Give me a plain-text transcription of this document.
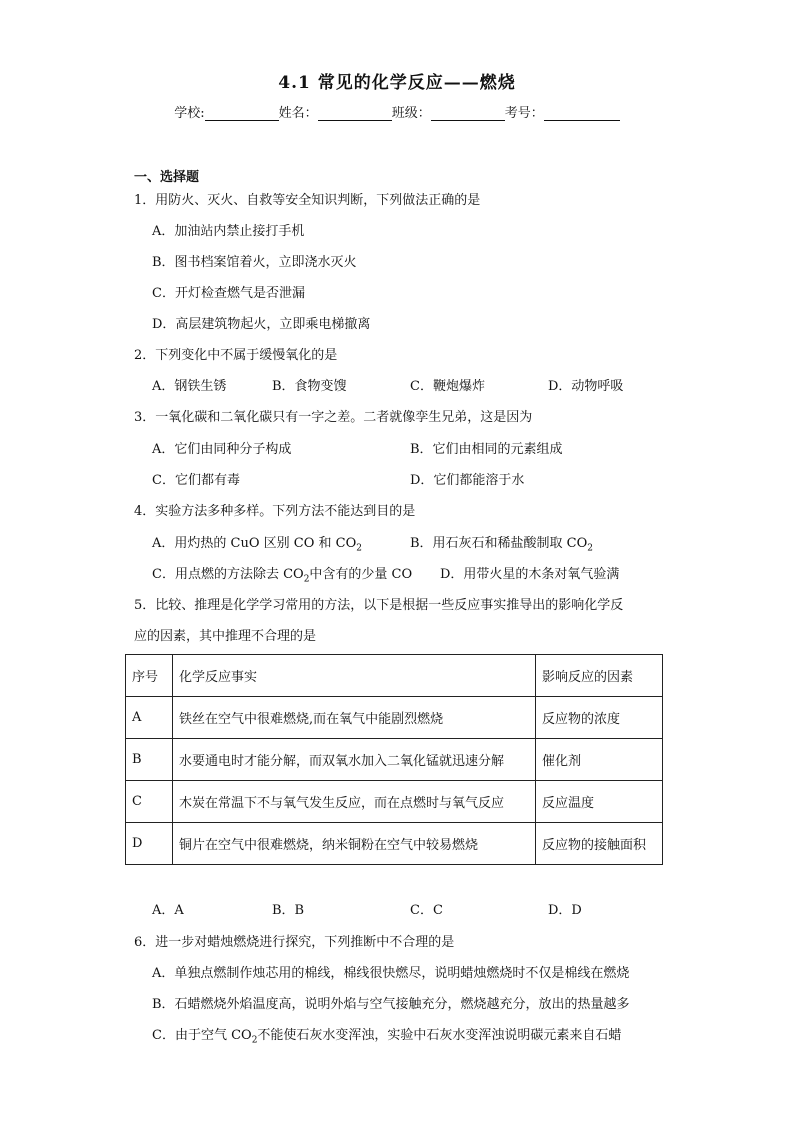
4.1 常见的化学反应——燃烧
学校:	姓名：	班级：	考号：
一、选择题
1．用防火、灭火、自救等安全知识判断，下列做法正确的是
A．加油站内禁止接打手机
B．图书档案馆着火，立即浇水灭火
C．开灯检查燃气是否泄漏
D．高层建筑物起火，立即乘电梯撤离
2．下列变化中不属于缓慢氧化的是
A．钢铁生锈	B．食物变馊	C．鞭炮爆炸	D．动物呼吸
3．一氧化碳和二氧化碳只有一字之差。二者就像孪生兄弟，这是因为
A．它们由同种分子构成	B．它们由相同的元素组成
C．它们都有毒	D．它们都能溶于水
4．实验方法多种多样。下列方法不能达到目的是
A．用灼热的 CuO 区别 CO 和 $CO_2$	B．用石灰石和稀盐酸制取 $CO_2$
C．用点燃的方法除去 $CO_2$中含有的少量 CO D．用带火星的木条对氧气验满
5．比较、推理是化学学习常用的方法，以下是根据一些反应事实推导出的影响化学反
应的因素，其中推理不合理的是
序号	化学反应事实	影响反应的因素
A	铁丝在空气中很难燃烧,而在氧气中能剧烈燃烧	反应物的浓度
B	水要通电时才能分解，而双氧水加入二氧化锰就迅速分解	催化剂
C	木炭在常温下不与氧气发生反应，而在点燃时与氧气反应	反应温度
D	铜片在空气中很难燃烧，纳米铜粉在空气中较易燃烧	反应物的接触面积
A．A	B．B	C．C	D．D
6．进一步对蜡烛燃烧进行探究，下列推断中不合理的是
A．单独点燃制作烛芯用的棉线，棉线很快燃尽，说明蜡烛燃烧时不仅是棉线在燃烧
B．石蜡燃烧外焰温度高，说明外焰与空气接触充分，燃烧越充分，放出的热量越多
C．由于空气 $CO_2$不能使石灰水变浑浊，实验中石灰水变浑浊说明碳元素来自石蜡
